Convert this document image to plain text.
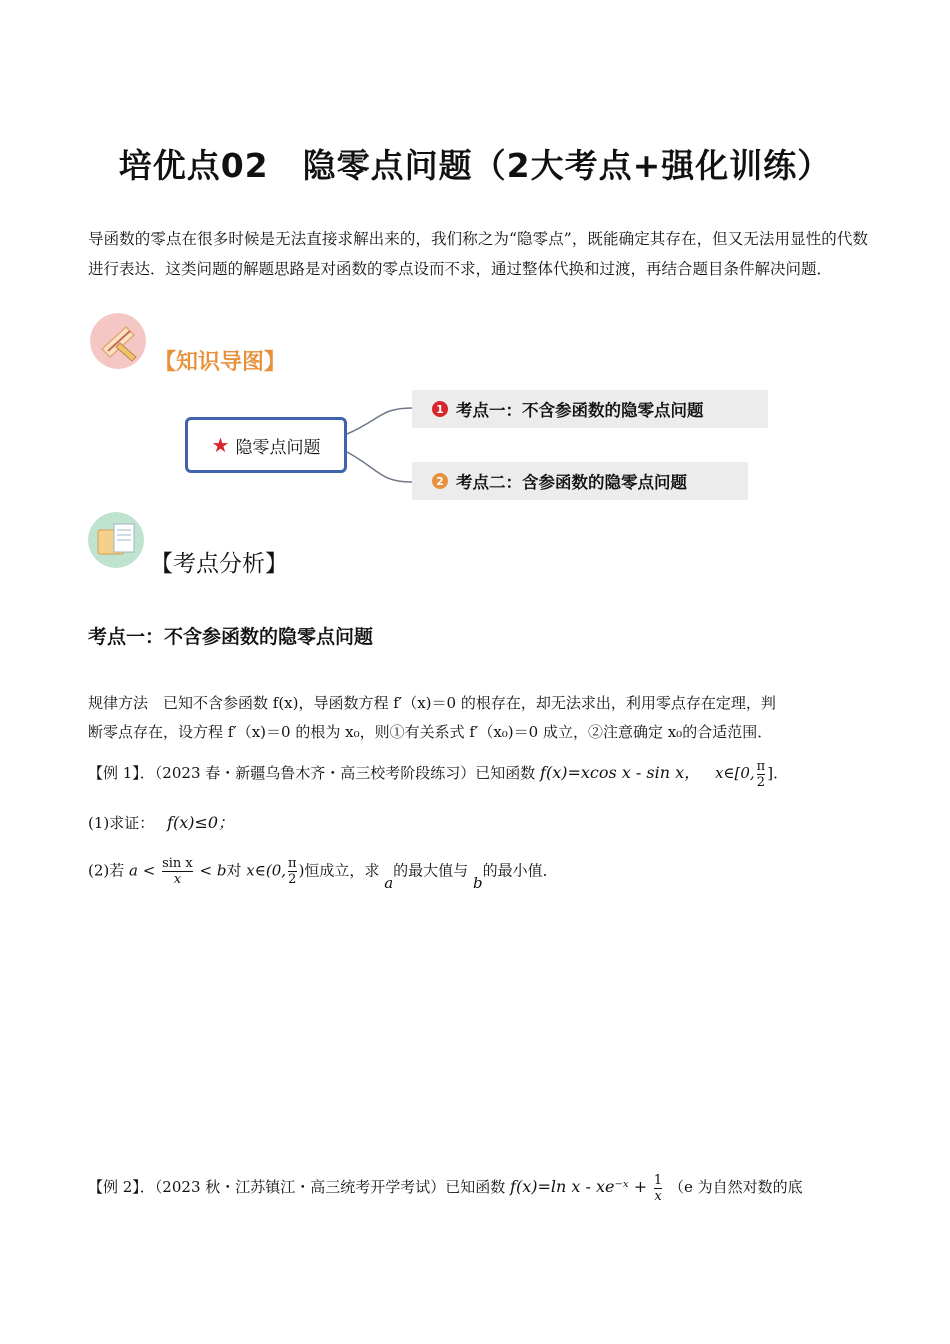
培优点02　隐零点问题（2大考点+强化训练）
导函数的零点在很多时候是无法直接求解出来的，我们称之为“隐零点”，既能确定其存在，但又无法用显性的代数进行表达．这类问题的解题思路是对函数的零点设而不求，通过整体代换和过渡，再结合题目条件解决问题．
【知识导图】
★ 隐零点问题
1 考点一：不含参函数的隐零点问题
2 考点二：含参函数的隐零点问题
【考点分析】
考点一：不含参函数的隐零点问题
规律方法　已知不含参函数 f(x)，导函数方程 f′（x)＝0 的根存在，却无法求出，利用零点存在定理，判
断零点存在，设方程 f′（x)＝0 的根为 x₀，则①有关系式 f′（x₀)＝0 成立，②注意确定 x₀的合适范围．
【例 1】．（2023 春・新疆乌鲁木齐・高三校考阶段练习）已知函数 f(x)=xcos x - sin x， x∈[0, $\frac{\pi}{2}$ ]．
(1)求证： f(x)≤0；
(2)若 $a < \frac{\text{sin x}}{x} < b$对 x∈(0, $\frac{\pi}{2}$ )恒成立，求 a的最大值与 b的最小值．
【例 2】．（2023 秋・江苏镇江・高三统考开学考试）已知函数 f(x)=ln x - xe⁻ˣ + $\frac{1}{x} (e$ 为自然对数的底
